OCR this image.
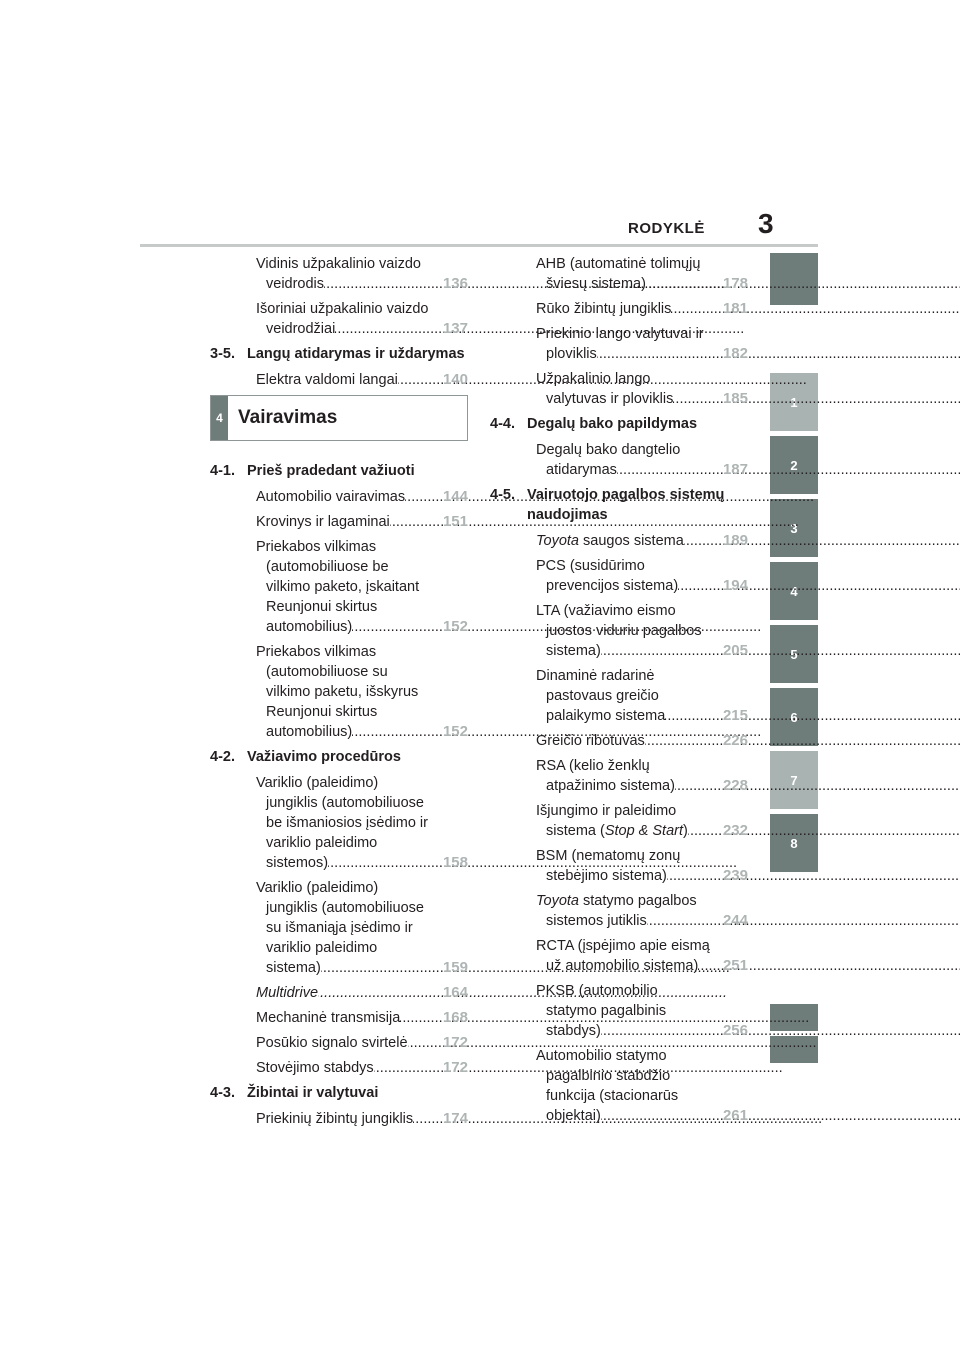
RODYKLĖ 3
1
2
3
4
5
6
7
8
Vidinis užpakalinio vaizdo veidrodis .....	136
Išoriniai užpakalinio vaizdo veidrodžiai .....	137
3-5. Langų atidarymas ir uždarymas
Elektra valdomi langai .....	140
4 Vairavimas
4-1. Prieš pradedant važiuoti
Automobilio vairavimas .....	144
Krovinys ir lagaminai .....	151
Priekabos vilkimas (automobiliuose be vilkimo paketo, įskaitant Reunjonui skirtus automobilius) .....	152
Priekabos vilkimas (automobiliuose su vilkimo paketu, išskyrus Reunjonui skirtus automobilius) .....	152
4-2. Važiavimo procedūros
Variklio (paleidimo) jungiklis (automobiliuose be išmaniosios įsėdimo ir variklio paleidimo sistemos) .....	158
Variklio (paleidimo) jungiklis (automobiliuose su išmaniąja įsėdimo ir variklio paleidimo sistema) .....	159
Multidrive .....	164
Mechaninė transmisija .....	168
Posūkio signalo svirtelė .....	172
Stovėjimo stabdys .....	172
4-3. Žibintai ir valytuvai
Priekinių žibintų jungiklis .....	174
AHB (automatinė tolimųjų šviesų sistema) .....	178
Rūko žibintų jungiklis .....	181
Priekinio lango valytuvai ir ploviklis .....	182
Užpakalinio lango valytuvas ir ploviklis .....	185
4-4. Degalų bako papildymas
Degalų bako dangtelio atidarymas .....	187
4-5. Vairuotojo pagalbos sistemų naudojimas
Toyota saugos sistema .....	189
PCS (susidūrimo prevencijos sistema) .....	194
LTA (važiavimo eismo juostos viduriu pagalbos sistema) .....	205
Dinaminė radarinė pastovaus greičio palaikymo sistema .....	215
Greičio ribotuvas .....	226
RSA (kelio ženklų atpažinimo sistema) .....	228
Išjungimo ir paleidimo sistema (Stop & Start) .....	232
BSM (nematomų zonų stebėjimo sistema) .....	239
Toyota statymo pagalbos sistemos jutiklis .....	244
RCTA (įspėjimo apie eismą už automobilio sistema) .....	251
PKSB (automobilio statymo pagalbinis stabdys) .....	256
Automobilio statymo pagalbinio stabdžio funkcija (stacionarūs objektai) .....	261
